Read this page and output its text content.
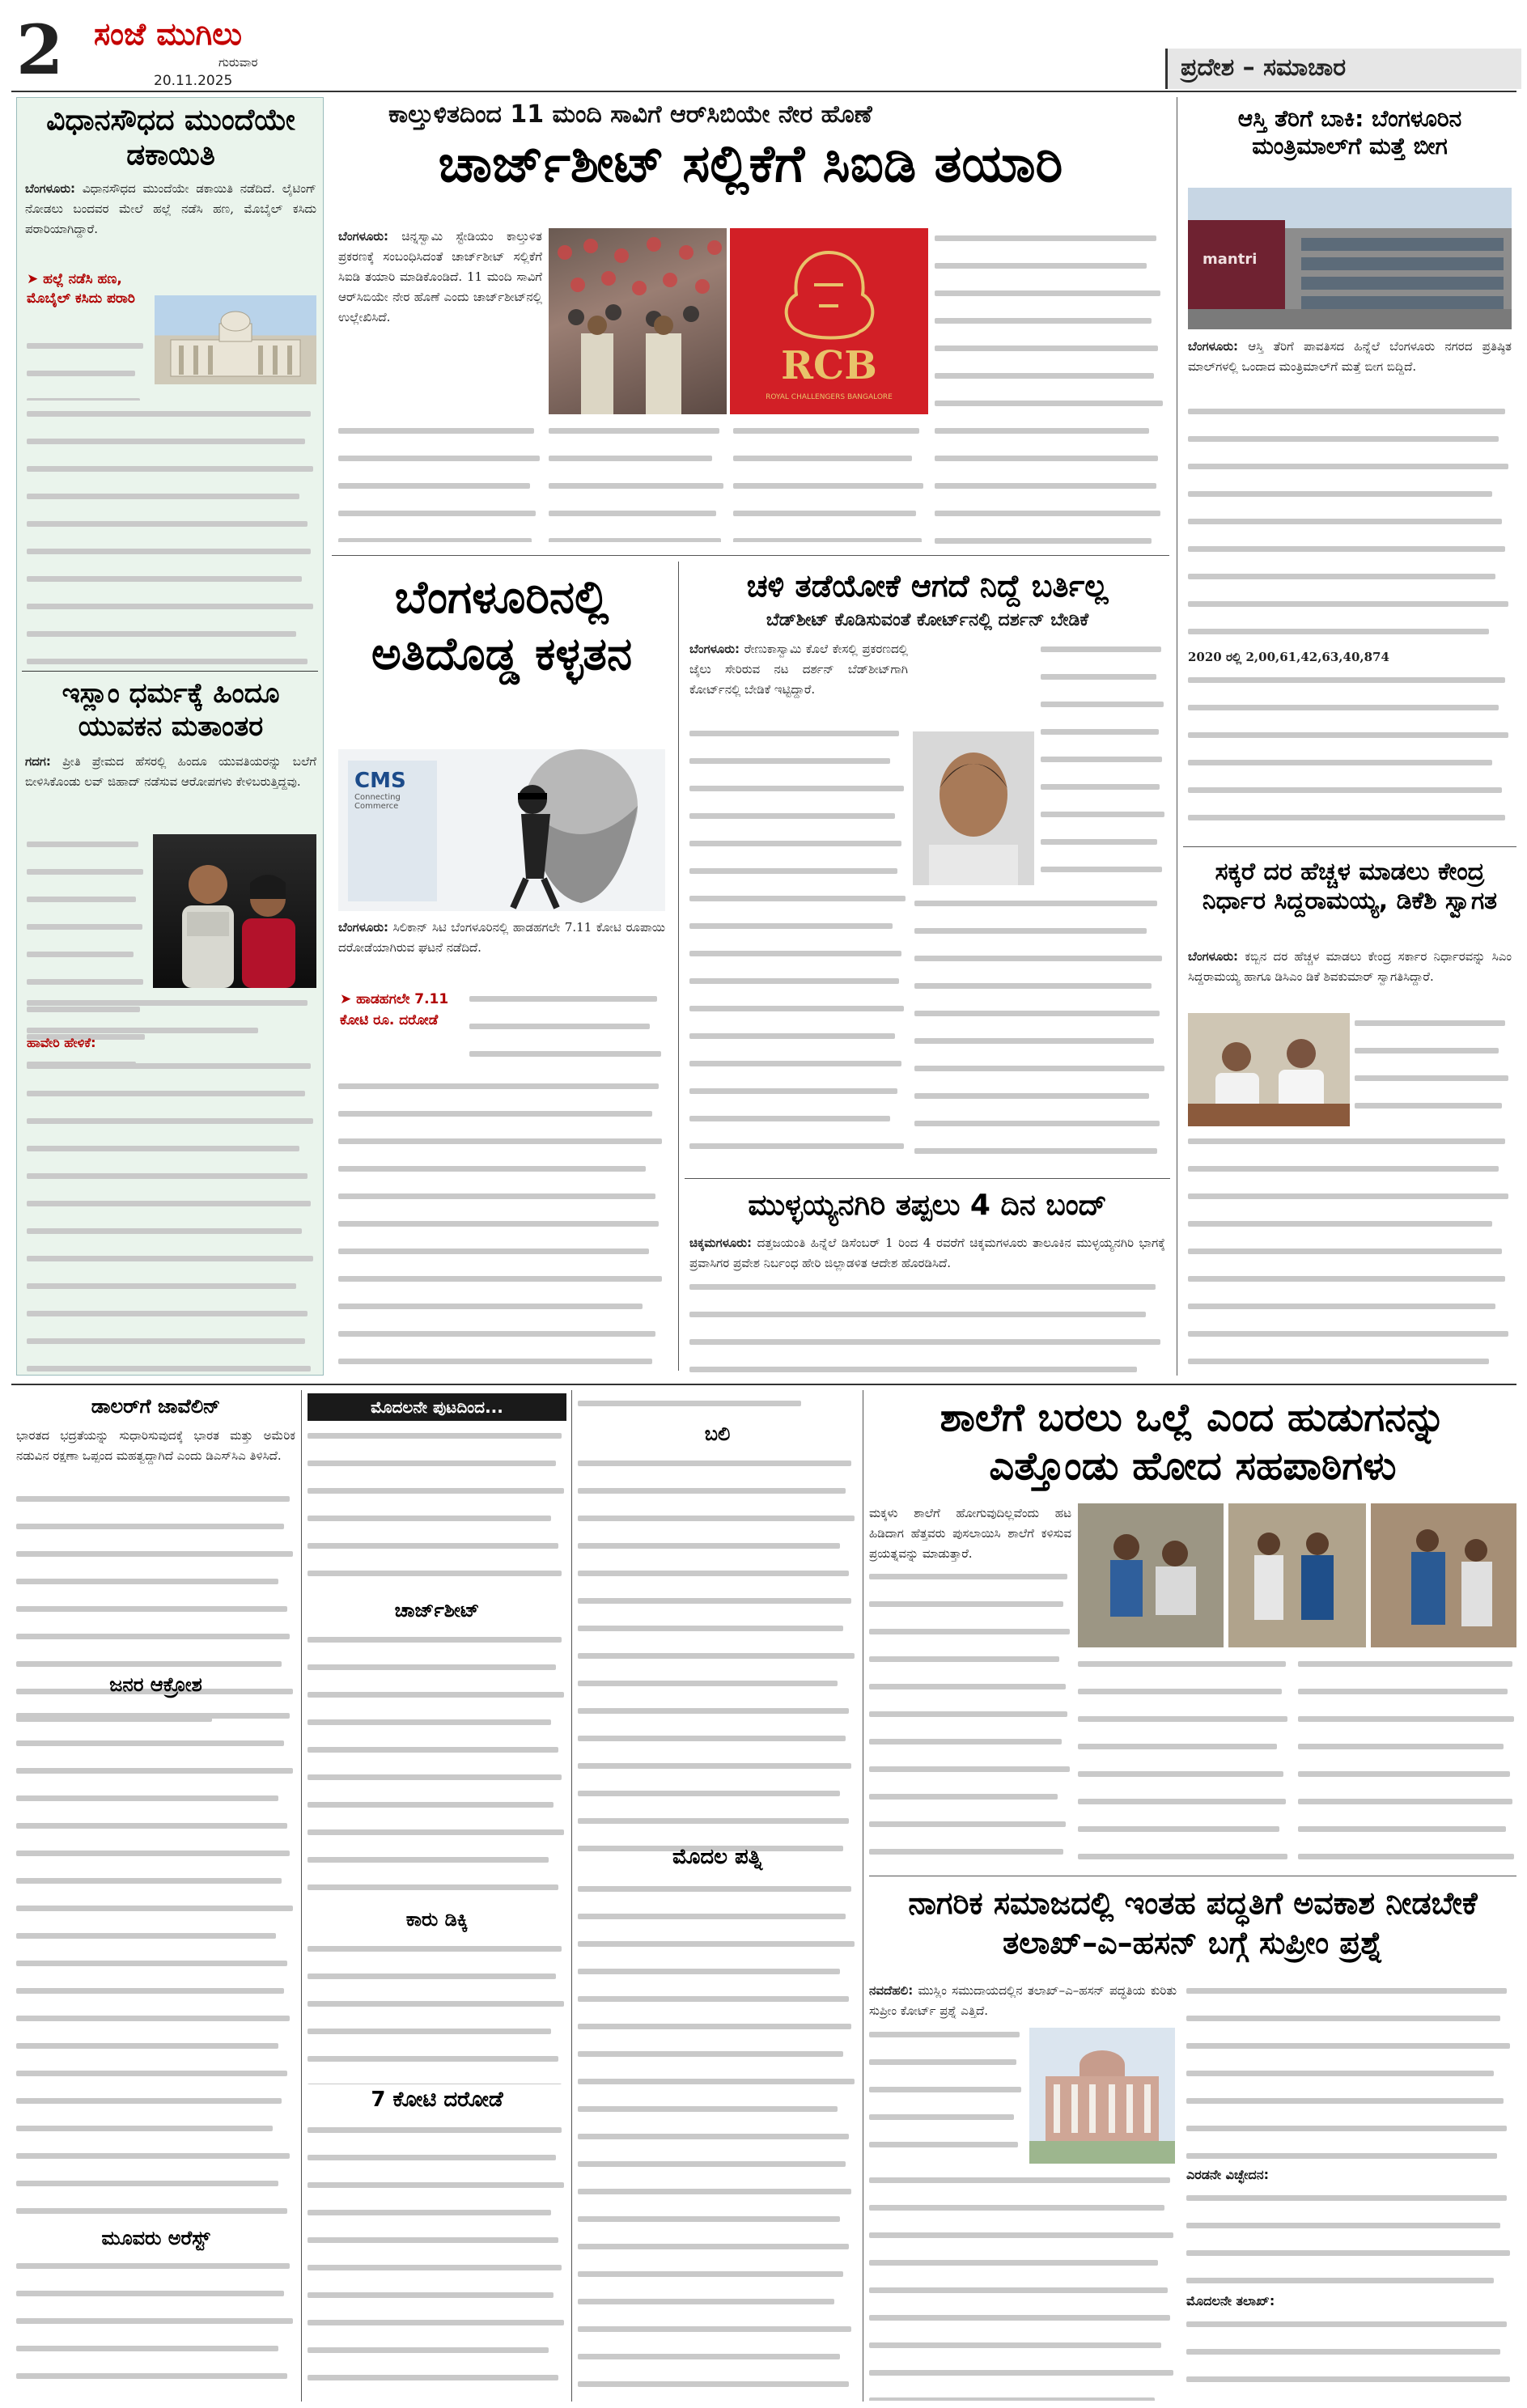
2 ಸಂಜೆ ಮುಗಿಲು
ಗುರುವಾರ
20.11.2025	ಪ್ರದೇಶ – ಸಮಾಚಾರ
ವಿಧಾನಸೌಧದ ಮುಂದೆಯೇ ಡಕಾಯಿತಿ
ಬೆಂಗಳೂರು: ವಿಧಾನಸೌಧದ ಮುಂದೆಯೇ ಡಕಾಯಿತಿ ನಡೆದಿದೆ. ಲೈಟಿಂಗ್ ನೋಡಲು ಬಂದವರ ಮೇಲೆ ಹಲ್ಲೆ ನಡೆಸಿ ಹಣ, ಮೊಬೈಲ್ ಕಸಿದು ಪರಾರಿಯಾಗಿದ್ದಾರೆ.
➤ ಹಲ್ಲೆ ನಡೆಸಿ ಹಣ, ಮೊಬೈಲ್ ಕಸಿದು ಪರಾರಿ
ಇಸ್ಲಾಂ ಧರ್ಮಕ್ಕೆ ಹಿಂದೂ ಯುವಕನ ಮತಾಂತರ
ಗದಗ: ಪ್ರೀತಿ ಪ್ರೇಮದ ಹೆಸರಲ್ಲಿ ಹಿಂದೂ ಯುವತಿಯರನ್ನು ಬಲೆಗೆ ಬೀಳಿಸಿಕೊಂಡು ಲವ್ ಜಿಹಾದ್ ನಡೆಸುವ ಆರೋಪಗಳು ಕೇಳಿಬರುತ್ತಿದ್ದವು.
ಹಾವೇರಿ ಹೇಳಿಕೆ:
ಕಾಲ್ತುಳಿತದಿಂದ 11 ಮಂದಿ ಸಾವಿಗೆ ಆರ್‌ಸಿಬಿಯೇ ನೇರ ಹೊಣೆ
ಚಾರ್ಜ್‌ಶೀಟ್ ಸಲ್ಲಿಕೆಗೆ ಸಿಐಡಿ ತಯಾರಿ
ಬೆಂಗಳೂರು: ಚಿನ್ನಸ್ವಾಮಿ ಸ್ಟೇಡಿಯಂ ಕಾಲ್ತುಳಿತ ಪ್ರಕರಣಕ್ಕೆ ಸಂಬಂಧಿಸಿದಂತೆ ಚಾರ್ಜ್‌ಶೀಟ್ ಸಲ್ಲಿಕೆಗೆ ಸಿಐಡಿ ತಯಾರಿ ಮಾಡಿಕೊಂಡಿದೆ. 11 ಮಂದಿ ಸಾವಿಗೆ ಆರ್‌ಸಿಬಿಯೇ ನೇರ ಹೊಣೆ ಎಂದು ಚಾರ್ಜ್‌ಶೀಟ್‌ನಲ್ಲಿ ಉಲ್ಲೇಖಿಸಿದೆ.
RCB
ROYAL CHALLENGERS BANGALORE
ಬೆಂಗಳೂರಿನಲ್ಲಿ ಅತಿದೊಡ್ಡ ಕಳ್ಳತನ
CMS
Connecting Commerce
ಬೆಂಗಳೂರು: ಸಿಲಿಕಾನ್ ಸಿಟಿ ಬೆಂಗಳೂರಿನಲ್ಲಿ ಹಾಡಹಗಲೇ 7.11 ಕೋಟಿ ರೂಪಾಯಿ ದರೋಡೆಯಾಗಿರುವ ಘಟನೆ ನಡೆದಿದೆ.
➤ ಹಾಡಹಗಲೇ 7.11 ಕೋಟಿ ರೂ. ದರೋಡೆ
ಚಳಿ ತಡೆಯೋಕೆ ಆಗದೆ ನಿದ್ದೆ ಬರ್ತಿಲ್ಲ
ಬೆಡ್‌ಶೀಟ್ ಕೊಡಿಸುವಂತೆ ಕೋರ್ಟ್‌ನಲ್ಲಿ ದರ್ಶನ್ ಬೇಡಿಕೆ
ಬೆಂಗಳೂರು: ರೇಣುಕಾಸ್ವಾಮಿ ಕೊಲೆ ಕೇಸಲ್ಲಿ ಪ್ರಕರಣದಲ್ಲಿ ಜೈಲು ಸೇರಿರುವ ನಟ ದರ್ಶನ್ ಬೆಡ್‌ಶೀಟ್‌ಗಾಗಿ ಕೋರ್ಟ್‌ನಲ್ಲಿ ಬೇಡಿಕೆ ಇಟ್ಟಿದ್ದಾರೆ.
ಮುಳ್ಳಯ್ಯನಗಿರಿ ತಪ್ಪಲು 4 ದಿನ ಬಂದ್
ಚಿಕ್ಕಮಗಳೂರು: ದತ್ತಜಯಂತಿ ಹಿನ್ನೆಲೆ ಡಿಸೆಂಬರ್ 1 ರಿಂದ 4 ರವರೆಗೆ ಚಿಕ್ಕಮಗಳೂರು ತಾಲೂಕಿನ ಮುಳ್ಳಯ್ಯನಗಿರಿ ಭಾಗಕ್ಕೆ ಪ್ರವಾಸಿಗರ ಪ್ರವೇಶ ನಿರ್ಬಂಧ ಹೇರಿ ಜಿಲ್ಲಾಡಳಿತ ಆದೇಶ ಹೊರಡಿಸಿದೆ.
ಆಸ್ತಿ ತೆರಿಗೆ ಬಾಕಿ: ಬೆಂಗಳೂರಿನ ಮಂತ್ರಿಮಾಲ್‌ಗೆ ಮತ್ತೆ ಬೀಗ
mantri
ಬೆಂಗಳೂರು: ಆಸ್ತಿ ತೆರಿಗೆ ಪಾವತಿಸದ ಹಿನ್ನೆಲೆ ಬೆಂಗಳೂರು ನಗರದ ಪ್ರತಿಷ್ಠಿತ ಮಾಲ್‌ಗಳಲ್ಲಿ ಒಂದಾದ ಮಂತ್ರಿಮಾಲ್‌ಗೆ ಮತ್ತೆ ಬೀಗ ಬಿದ್ದಿದೆ.
2020 ರಲ್ಲಿ 2,00,61,42,63,40,874
ಸಕ್ಕರೆ ದರ ಹೆಚ್ಚಳ ಮಾಡಲು ಕೇಂದ್ರ ನಿರ್ಧಾರ ಸಿದ್ದರಾಮಯ್ಯ, ಡಿಕೆಶಿ ಸ್ವಾಗತ
ಬೆಂಗಳೂರು: ಕಬ್ಬಿನ ದರ ಹೆಚ್ಚಳ ಮಾಡಲು ಕೇಂದ್ರ ಸರ್ಕಾರ ನಿರ್ಧಾರವನ್ನು ಸಿಎಂ ಸಿದ್ದರಾಮಯ್ಯ ಹಾಗೂ ಡಿಸಿಎಂ ಡಿಕೆ ಶಿವಕುಮಾರ್ ಸ್ವಾಗತಿಸಿದ್ದಾರೆ.
ಡಾಲರ್‌ಗೆ ಜಾವೆಲಿನ್
ಭಾರತದ ಭದ್ರತೆಯನ್ನು ಸುಧಾರಿಸುವುದಕ್ಕೆ ಭಾರತ ಮತ್ತು ಅಮೆರಿಕ ನಡುವಿನ ರಕ್ಷಣಾ ಒಪ್ಪಂದ ಮಹತ್ವದ್ದಾಗಿದೆ ಎಂದು ಡಿಎಸ್‌ಸಿಎ ತಿಳಿಸಿದೆ.
ಜನರ ಆಕ್ರೋಶ
ಮೂವರು ಅರೆಸ್ಟ್
ಮೊದಲನೇ ಪುಟದಿಂದ...
ಚಾರ್ಜ್‌ಶೀಟ್
ಕಾರು ಡಿಕ್ಕಿ
7 ಕೋಟಿ ದರೋಡೆ
ಬಲಿ
ಮೊದಲ ಪತ್ನಿ
ಶಾಲೆಗೆ ಬರಲು ಒಲ್ಲೆ ಎಂದ ಹುಡುಗನನ್ನು ಎತ್ತೊಂಡು ಹೋದ ಸಹಪಾಠಿಗಳು
ಮಕ್ಕಳು ಶಾಲೆಗೆ ಹೋಗುವುದಿಲ್ಲವೆಂದು ಹಟ ಹಿಡಿದಾಗ ಹೆತ್ತವರು ಪುಸಲಾಯಿಸಿ ಶಾಲೆಗೆ ಕಳಿಸುವ ಪ್ರಯತ್ನವನ್ನು ಮಾಡುತ್ತಾರೆ.
ನಾಗರಿಕ ಸಮಾಜದಲ್ಲಿ ಇಂತಹ ಪದ್ಧತಿಗೆ ಅವಕಾಶ ನೀಡಬೇಕೆ ತಲಾಖ್–ಎ–ಹಸನ್ ಬಗ್ಗೆ ಸುಪ್ರೀಂ ಪ್ರಶ್ನೆ
ನವದೆಹಲಿ: ಮುಸ್ಲಿಂ ಸಮುದಾಯದಲ್ಲಿನ ತಲಾಖ್–ಎ–ಹಸನ್ ಪದ್ಧತಿಯ ಕುರಿತು ಸುಪ್ರೀಂ ಕೋರ್ಟ್ ಪ್ರಶ್ನೆ ಎತ್ತಿದೆ.
ಎರಡನೇ ವಿಚ್ಛೇದನ:
ಮೊದಲನೇ ತಲಾಖ್:
